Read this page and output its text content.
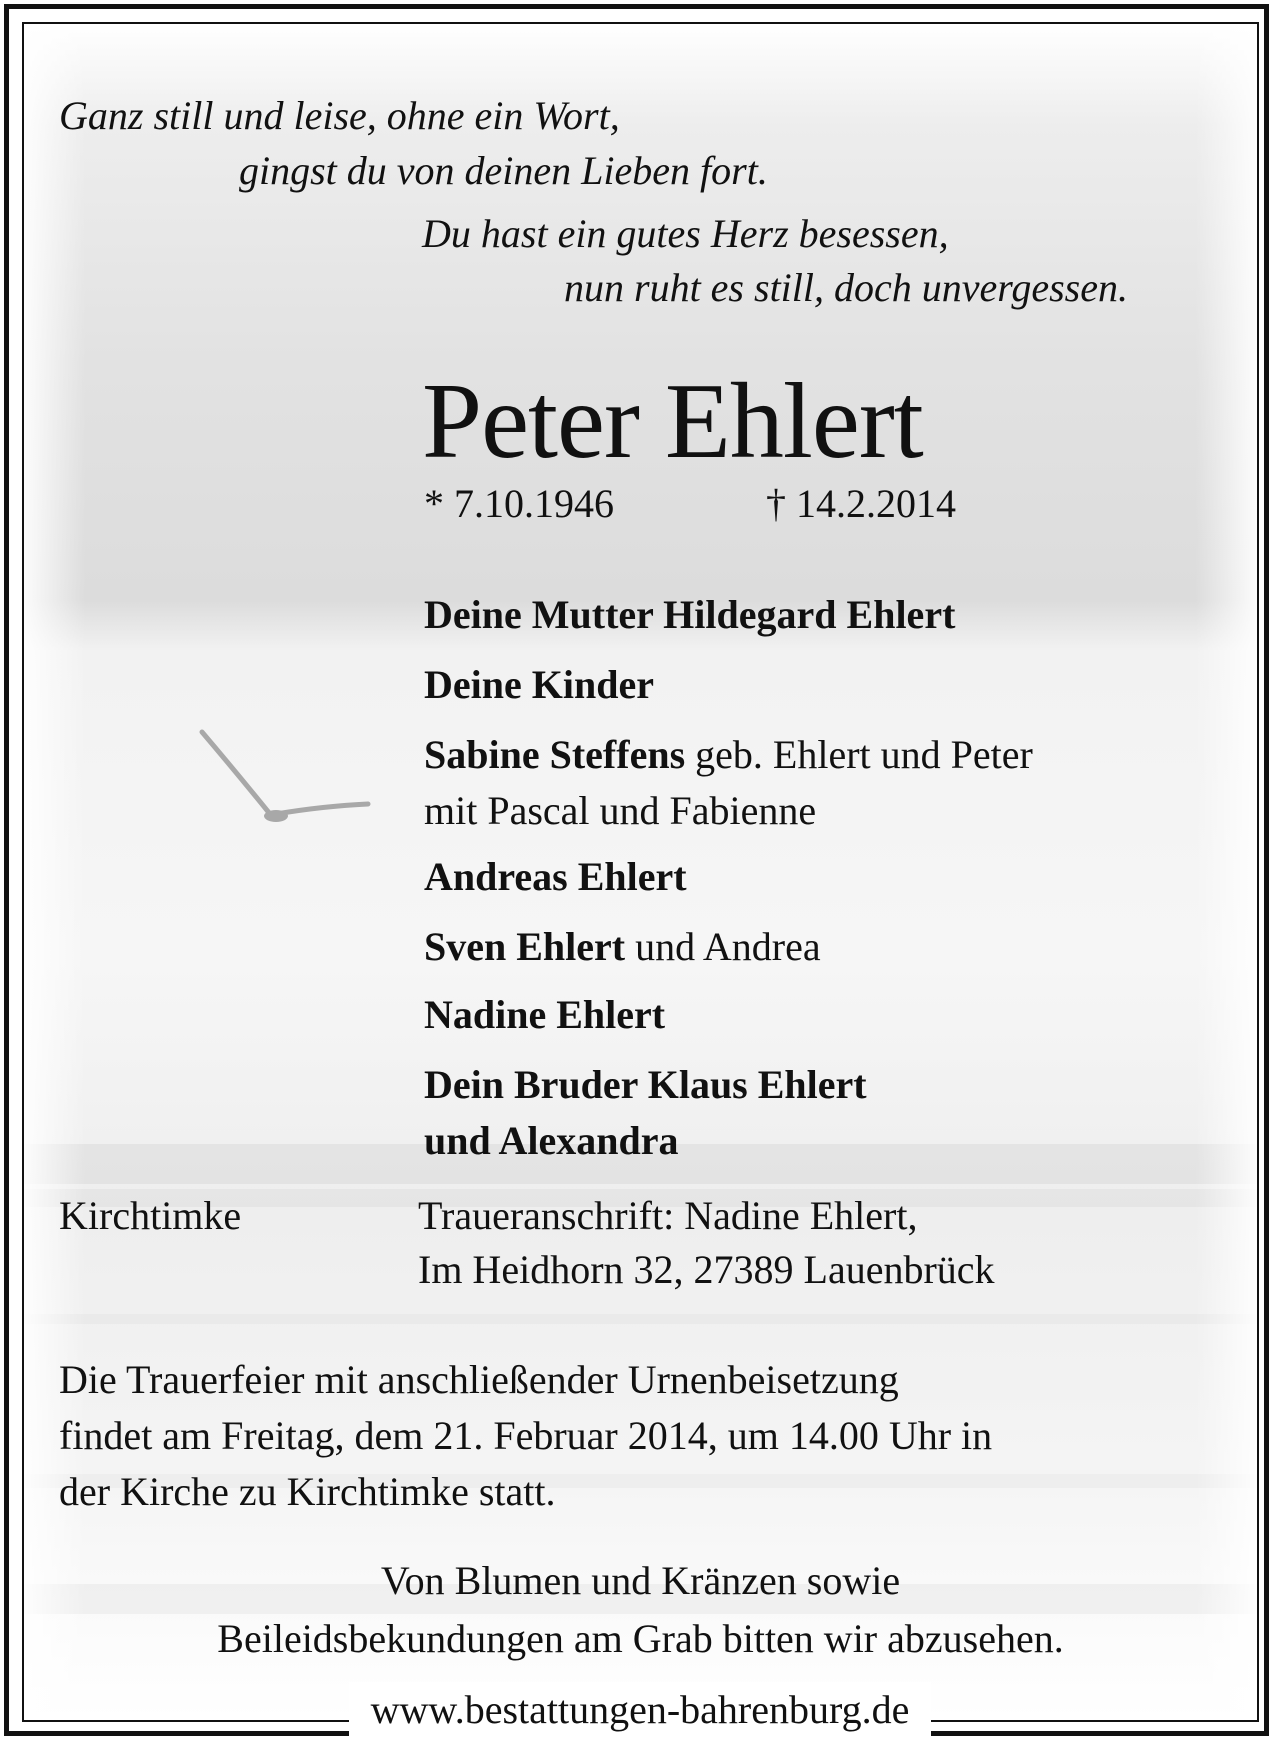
Ganz still und leise, ohne ein Wort,

gingst du von deinen Lieben fort.

Du hast ein gutes Herz besessen,

nun ruht es still, doch unvergessen.

Peter Ehlert

* 7.10.1946	† 14.2.2014

Deine Mutter Hildegard Ehlert

Deine Kinder

Sabine Steffens geb. Ehlert und Peter

mit Pascal und Fabienne

Andreas Ehlert

Sven Ehlert und Andrea

Nadine Ehlert

Dein Bruder Klaus Ehlert

und Alexandra

Kirchtimke	Traueranschrift: Nadine Ehlert,

Im Heidhorn 32, 27389 Lauenbrück

Die Trauerfeier mit anschließender Urnenbeisetzung

findet am Freitag, dem 21. Februar 2014, um 14.00 Uhr in

der Kirche zu Kirchtimke statt.

Von Blumen und Kränzen sowie

Beileidsbekundungen am Grab bitten wir abzusehen.

www.bestattungen-bahrenburg.de
